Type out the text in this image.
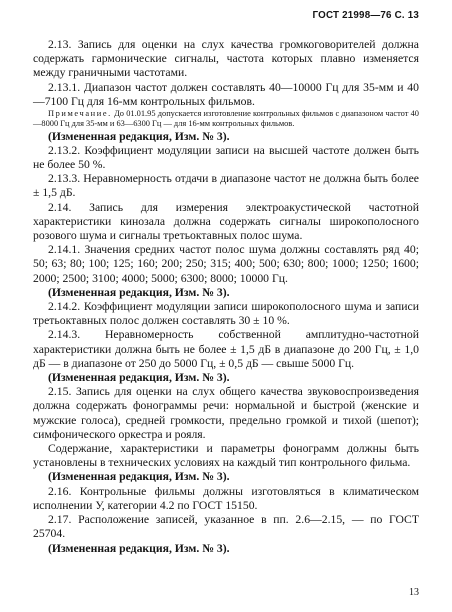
ГОСТ 21998—76 С. 13

2.13. Запись для оценки на слух качества громкоговорителей должна содержать гармонические сигналы, частота которых плавно изменяется между граничными частотами.

2.13.1. Диапазон частот должен составлять 40—10000 Гц для 35-мм и 40—7100 Гц для 16-мм контрольных фильмов.

Примечание. До 01.01.95 допускается изготовление контрольных фильмов с диапазоном частот 40—8000 Гц для 35-мм и 63—6300 Гц — для 16-мм контрольных фильмов.

(Измененная редакция, Изм. № 3).

2.13.2. Коэффициент модуляции записи на высшей частоте должен быть не более 50 %.

2.13.3. Неравномерность отдачи в диапазоне частот не должна быть более ± 1,5 дБ.

2.14. Запись для измерения электроакустической частотной характеристики кинозала должна содержать сигналы широкополосного розового шума и сигналы третьоктавных полос шума.

2.14.1. Значения средних частот полос шума должны составлять ряд 40; 50; 63; 80; 100; 125; 160; 200; 250; 315; 400; 500; 630; 800; 1000; 1250; 1600; 2000; 2500; 3100; 4000; 5000; 6300; 8000; 10000 Гц.

(Измененная редакция, Изм. № 3).

2.14.2. Коэффициент модуляции записи широкополосного шума и записи третьоктавных полос должен составлять 30 ± 10 %.

2.14.3. Неравномерность собственной амплитудно-частотной характеристики должна быть не более ± 1,5 дБ в диапазоне до 200 Гц, ± 1,0 дБ — в диапазоне от 250 до 5000 Гц, ± 0,5 дБ — свыше 5000 Гц.

(Измененная редакция, Изм. № 3).

2.15. Запись для оценки на слух общего качества звуковоспроизведения должна содержать фонограммы речи: нормальной и быстрой (женские и мужские голоса), средней громкости, предельно громкой и тихой (шепот); симфонического оркестра и рояля.

Содержание, характеристики и параметры фонограмм должны быть установлены в технических условиях на каждый тип контрольного фильма.

(Измененная редакция, Изм. № 3).

2.16. Контрольные фильмы должны изготовляться в климатическом исполнении У, категории 4.2 по ГОСТ 15150.

2.17. Расположение записей, указанное в пп. 2.6—2.15, — по ГОСТ 25704.

(Измененная редакция, Изм. № 3).

13
